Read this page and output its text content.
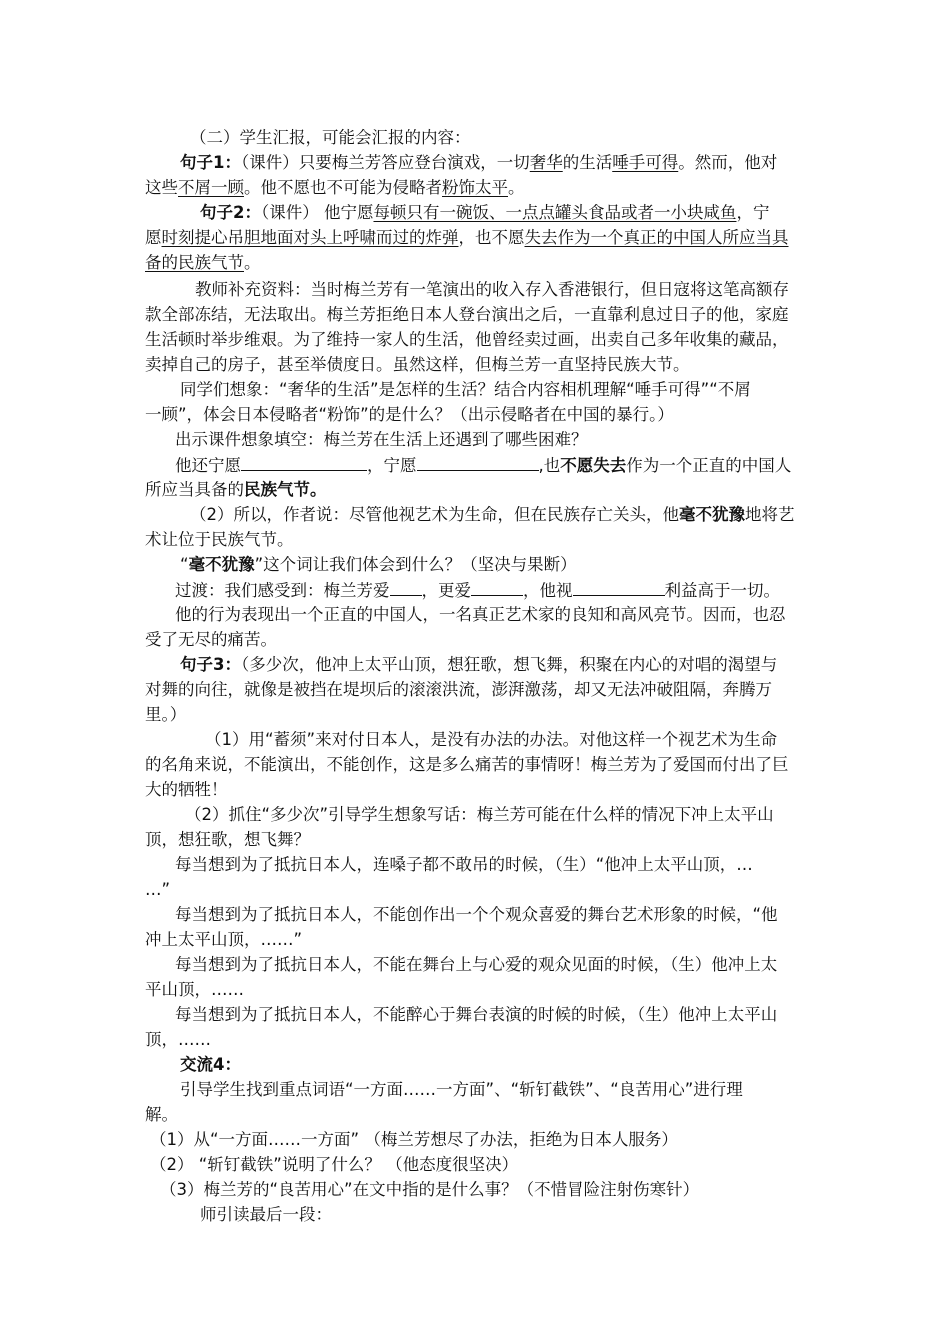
（二）学生汇报，可能会汇报的内容：
句子1：（课件）只要梅兰芳答应登台演戏，一切奢华的生活唾手可得。然而，他对
这些不屑一顾。他不愿也不可能为侵略者粉饰太平。
句子2：（课件） 他宁愿每顿只有一碗饭、一点点罐头食品或者一小块咸鱼，宁
愿时刻提心吊胆地面对头上呼啸而过的炸弹，也不愿失去作为一个真正的中国人所应当具
备的民族气节。
教师补充资料：当时梅兰芳有一笔演出的收入存入香港银行，但日寇将这笔高额存
款全部冻结，无法取出。梅兰芳拒绝日本人登台演出之后，一直靠利息过日子的他，家庭
生活顿时举步维艰。为了维持一家人的生活，他曾经卖过画，出卖自己多年收集的藏品，
卖掉自己的房子，甚至举债度日。虽然这样，但梅兰芳一直坚持民族大节。
同学们想象：“奢华的生活”是怎样的生活？结合内容相机理解“唾手可得”“不屑
一顾”，体会日本侵略者“粉饰”的是什么？（出示侵略者在中国的暴行。）
出示课件想象填空：梅兰芳在生活上还遇到了哪些困难？
他还宁愿	，宁愿	,也不愿失去作为一个正直的中国人
所应当具备的民族气节。
（2）所以，作者说：尽管他视艺术为生命，但在民族存亡关头，他毫不犹豫地将艺
术让位于民族气节。
“毫不犹豫”这个词让我们体会到什么？（坚决与果断）
过渡：我们感受到：梅兰芳爱 ，更爱	，他视	利益高于一切。
他的行为表现出一个正直的中国人，一名真正艺术家的良知和高风亮节。因而，也忍
受了无尽的痛苦。
句子3：（多少次，他冲上太平山顶，想狂歌，想飞舞，积聚在内心的对唱的渴望与
对舞的向往，就像是被挡在堤坝后的滚滚洪流，澎湃激荡，却又无法冲破阻隔，奔腾万
里。）
（1）用“蓄须”来对付日本人，是没有办法的办法。对他这样一个视艺术为生命
的名角来说，不能演出，不能创作，这是多么痛苦的事情呀！梅兰芳为了爱国而付出了巨
大的牺牲！
（2）抓住“多少次”引导学生想象写话：梅兰芳可能在什么样的情况下冲上太平山
顶，想狂歌，想飞舞？
每当想到为了抵抗日本人，连嗓子都不敢吊的时候，（生）“他冲上太平山顶，…
…”
每当想到为了抵抗日本人，不能创作出一个个观众喜爱的舞台艺术形象的时候，“他
冲上太平山顶，……”
每当想到为了抵抗日本人，不能在舞台上与心爱的观众见面的时候，（生）他冲上太
平山顶，……
每当想到为了抵抗日本人，不能醉心于舞台表演的时候的时候，（生）他冲上太平山
顶，……
交流4：
引导学生找到重点词语“一方面……一方面”、“斩钉截铁”、“良苦用心”进行理
解。
（1）从“一方面……一方面” （梅兰芳想尽了办法，拒绝为日本人服务）
（2） “斩钉截铁”说明了什么？ （他态度很坚决）
（3）梅兰芳的“良苦用心”在文中指的是什么事？（不惜冒险注射伤寒针）
师引读最后一段：
